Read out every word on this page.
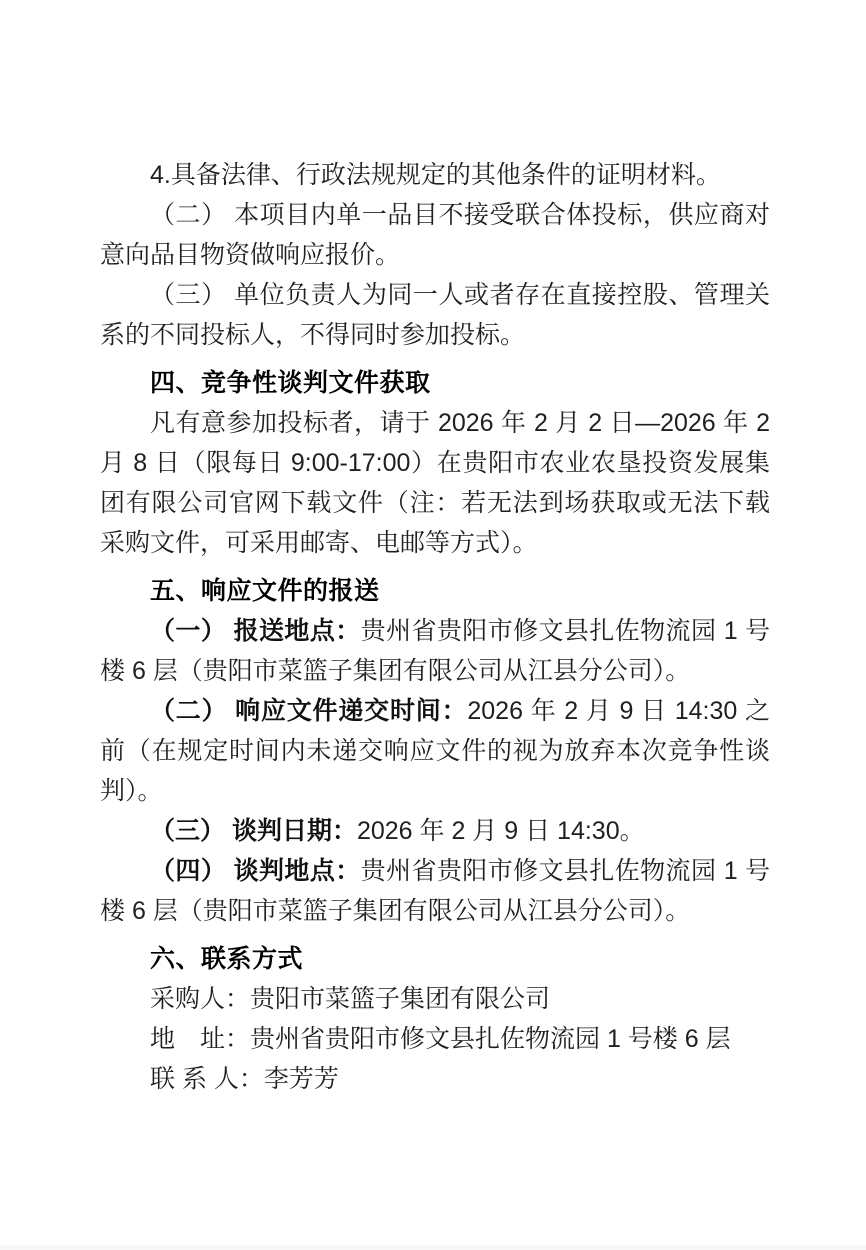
4.具备法律、行政法规规定的其他条件的证明材料。

（二） 本项目内单一品目不接受联合体投标，供应商对意向品目物资做响应报价。

（三） 单位负责人为同一人或者存在直接控股、管理关系的不同投标人，不得同时参加投标。

四、竞争性谈判文件获取

凡有意参加投标者，请于 2026 年 2 月 2 日—2026 年 2 月 8 日（限每日 9:00-17:00）在贵阳市农业农垦投资发展集团有限公司官网下载文件（注：若无法到场获取或无法下载采购文件，可采用邮寄、电邮等方式）。

五、响应文件的报送

（一） 报送地点：贵州省贵阳市修文县扎佐物流园 1 号楼 6 层（贵阳市菜篮子集团有限公司从江县分公司）。

（二） 响应文件递交时间：2026 年 2 月 9 日 14:30 之前（在规定时间内未递交响应文件的视为放弃本次竞争性谈判）。

（三） 谈判日期：2026 年 2 月 9 日 14:30。

（四） 谈判地点：贵州省贵阳市修文县扎佐物流园 1 号楼 6 层（贵阳市菜篮子集团有限公司从江县分公司）。

六、联系方式

采购人：贵阳市菜篮子集团有限公司

地　址：贵州省贵阳市修文县扎佐物流园 1 号楼 6 层

联 系 人：李芳芳
